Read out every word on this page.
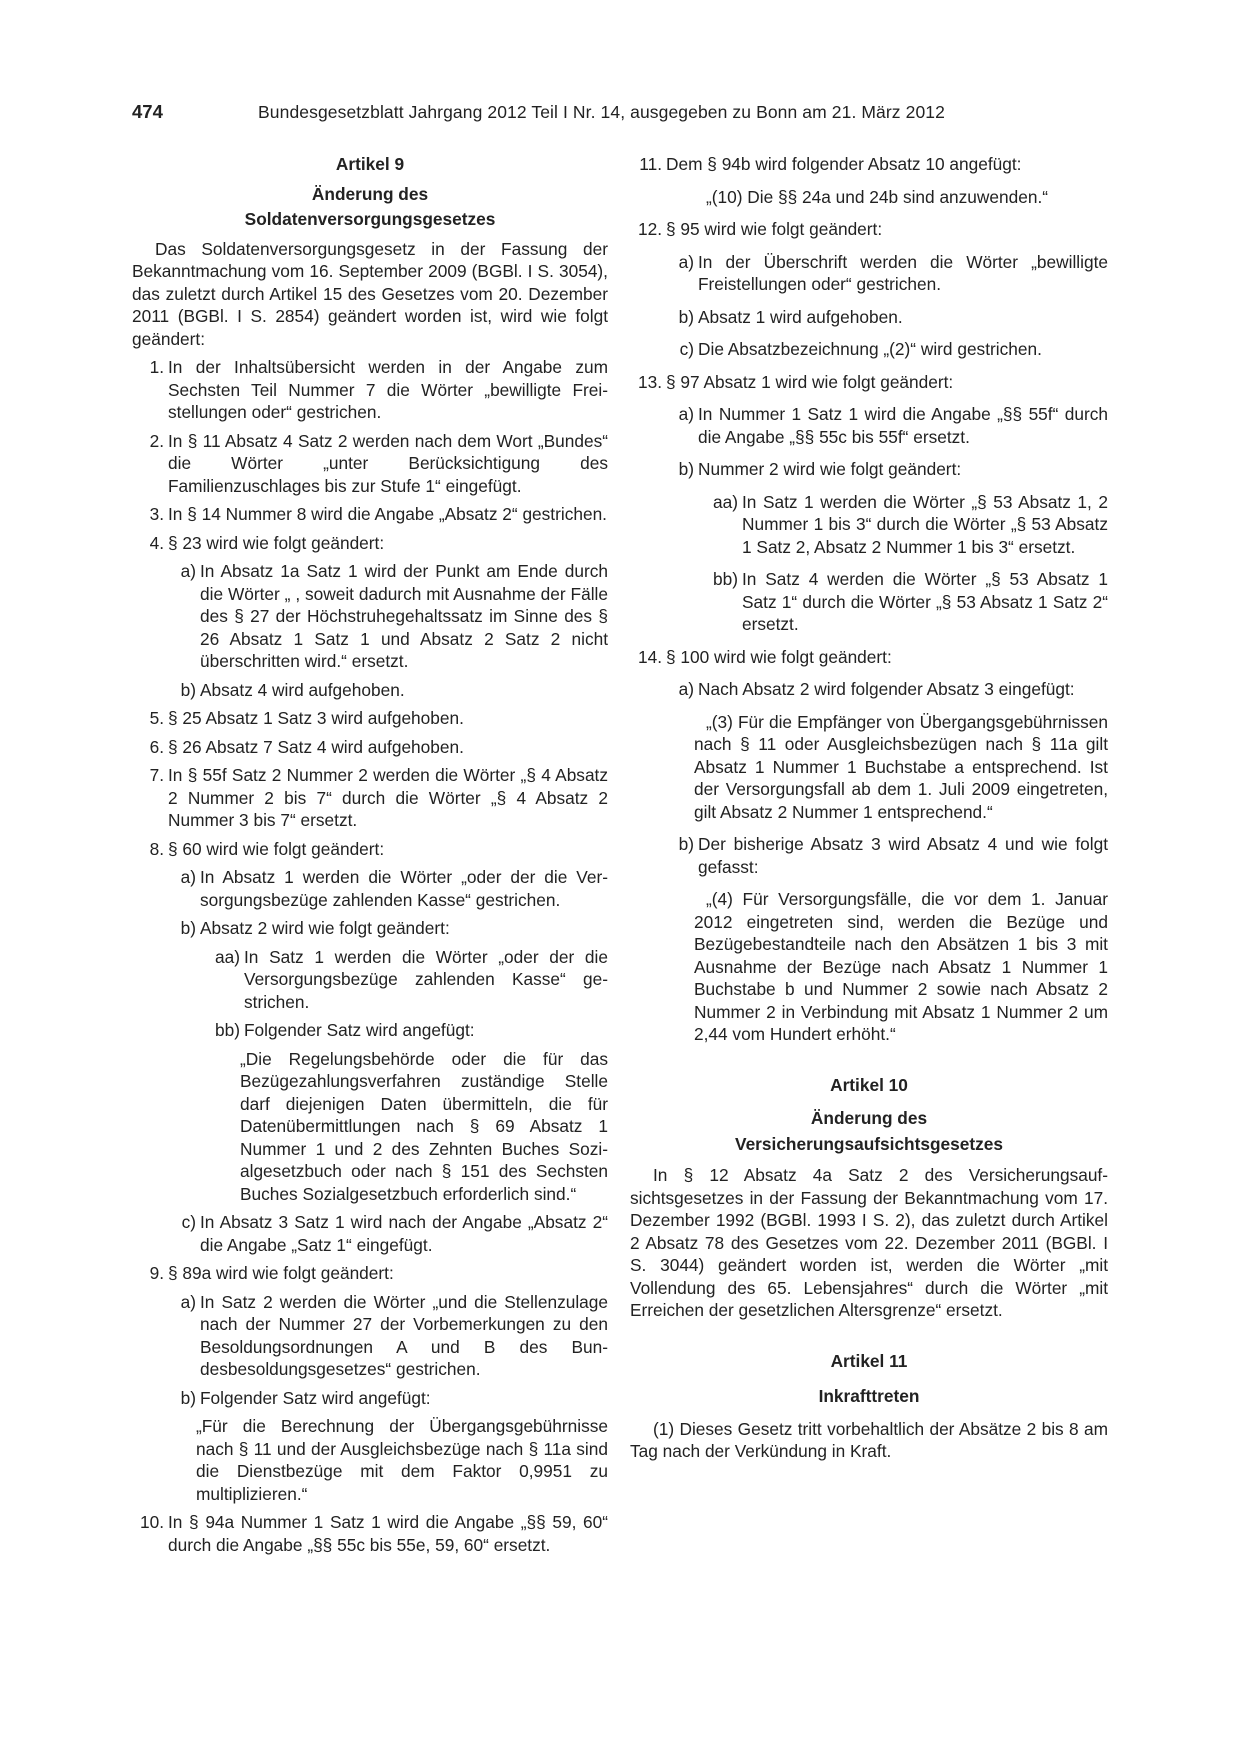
474	Bundesgesetzblatt Jahrgang 2012 Teil I Nr. 14, ausgegeben zu Bonn am 21. März 2012
Artikel 9
Änderung des
Soldatenversorgungsgesetzes
Das Soldatenversorgungsgesetz in der Fassung der Bekanntmachung vom 16. September 2009 (BGBl. I S. 3054), das zuletzt durch Artikel 15 des Gesetzes vom 20. Dezember 2011 (BGBl. I S. 2854) geändert worden ist, wird wie folgt geändert:
1. In der Inhaltsübersicht werden in der Angabe zum Sechsten Teil Nummer 7 die Wörter „bewilligte Freistellungen oder“ gestrichen.
2. In § 11 Absatz 4 Satz 2 werden nach dem Wort „Bundes“ die Wörter „unter Berücksichtigung des Familienzuschlages bis zur Stufe 1“ eingefügt.
3. In § 14 Nummer 8 wird die Angabe „Absatz 2“ gestrichen.
4. § 23 wird wie folgt geändert:
a) In Absatz 1a Satz 1 wird der Punkt am Ende durch die Wörter „ , soweit dadurch mit Ausnahme der Fälle des § 27 der Höchstruhegehaltssatz im Sinne des § 26 Absatz 1 Satz 1 und Absatz 2 Satz 2 nicht überschritten wird.“ ersetzt.
b) Absatz 4 wird aufgehoben.
5. § 25 Absatz 1 Satz 3 wird aufgehoben.
6. § 26 Absatz 7 Satz 4 wird aufgehoben.
7. In § 55f Satz 2 Nummer 2 werden die Wörter „§ 4 Absatz 2 Nummer 2 bis 7“ durch die Wörter „§ 4 Absatz 2 Nummer 3 bis 7“ ersetzt.
8. § 60 wird wie folgt geändert:
a) In Absatz 1 werden die Wörter „oder der die Versorgungsbezüge zahlenden Kasse“ gestrichen.
b) Absatz 2 wird wie folgt geändert:
aa) In Satz 1 werden die Wörter „oder der die Versorgungsbezüge zahlenden Kasse“ gestrichen.
bb) Folgender Satz wird angefügt:
„Die Regelungsbehörde oder die für das Bezügezahlungsverfahren zuständige Stelle darf diejenigen Daten übermitteln, die für Datenübermittlungen nach § 69 Absatz 1 Nummer 1 und 2 des Zehnten Buches Sozialgesetzbuch oder nach § 151 des Sechsten Buches Sozialgesetzbuch erforderlich sind.“
c) In Absatz 3 Satz 1 wird nach der Angabe „Absatz 2“ die Angabe „Satz 1“ eingefügt.
9. § 89a wird wie folgt geändert:
a) In Satz 2 werden die Wörter „und die Stellenzulage nach der Nummer 27 der Vorbemerkungen zu den Besoldungsordnungen A und B des Bundesbesoldungsgesetzes“ gestrichen.
b) Folgender Satz wird angefügt:
„Für die Berechnung der Übergangsgebührnisse nach § 11 und der Ausgleichsbezüge nach § 11a sind die Dienstbezüge mit dem Faktor 0,9951 zu multiplizieren.“
10. In § 94a Nummer 1 Satz 1 wird die Angabe „§§ 59, 60“ durch die Angabe „§§ 55c bis 55e, 59, 60“ ersetzt.
11. Dem § 94b wird folgender Absatz 10 angefügt:
„(10) Die §§ 24a und 24b sind anzuwenden.“
12. § 95 wird wie folgt geändert:
a) In der Überschrift werden die Wörter „bewilligte Freistellungen oder“ gestrichen.
b) Absatz 1 wird aufgehoben.
c) Die Absatzbezeichnung „(2)“ wird gestrichen.
13. § 97 Absatz 1 wird wie folgt geändert:
a) In Nummer 1 Satz 1 wird die Angabe „§§ 55f“ durch die Angabe „§§ 55c bis 55f“ ersetzt.
b) Nummer 2 wird wie folgt geändert:
aa) In Satz 1 werden die Wörter „§ 53 Absatz 1, 2 Nummer 1 bis 3“ durch die Wörter „§ 53 Absatz 1 Satz 2, Absatz 2 Nummer 1 bis 3“ ersetzt.
bb) In Satz 4 werden die Wörter „§ 53 Absatz 1 Satz 1“ durch die Wörter „§ 53 Absatz 1 Satz 2“ ersetzt.
14. § 100 wird wie folgt geändert:
a) Nach Absatz 2 wird folgender Absatz 3 eingefügt:
„(3) Für die Empfänger von Übergangsgebührnissen nach § 11 oder Ausgleichsbezügen nach § 11a gilt Absatz 1 Nummer 1 Buchstabe a entsprechend. Ist der Versorgungsfall ab dem 1. Juli 2009 eingetreten, gilt Absatz 2 Nummer 1 entsprechend.“
b) Der bisherige Absatz 3 wird Absatz 4 und wie folgt gefasst:
„(4) Für Versorgungsfälle, die vor dem 1. Januar 2012 eingetreten sind, werden die Bezüge und Bezügebestandteile nach den Absätzen 1 bis 3 mit Ausnahme der Bezüge nach Absatz 1 Nummer 1 Buchstabe b und Nummer 2 sowie nach Absatz 2 Nummer 2 in Verbindung mit Absatz 1 Nummer 2 um 2,44 vom Hundert erhöht.“
Artikel 10
Änderung des
Versicherungsaufsichtsgesetzes
In § 12 Absatz 4a Satz 2 des Versicherungsaufsichtsgesetzes in der Fassung der Bekanntmachung vom 17. Dezember 1992 (BGBl. 1993 I S. 2), das zuletzt durch Artikel 2 Absatz 78 des Gesetzes vom 22. Dezember 2011 (BGBl. I S. 3044) geändert worden ist, werden die Wörter „mit Vollendung des 65. Lebensjahres“ durch die Wörter „mit Erreichen der gesetzlichen Altersgrenze“ ersetzt.
Artikel 11
Inkrafttreten
(1) Dieses Gesetz tritt vorbehaltlich der Absätze 2 bis 8 am Tag nach der Verkündung in Kraft.
